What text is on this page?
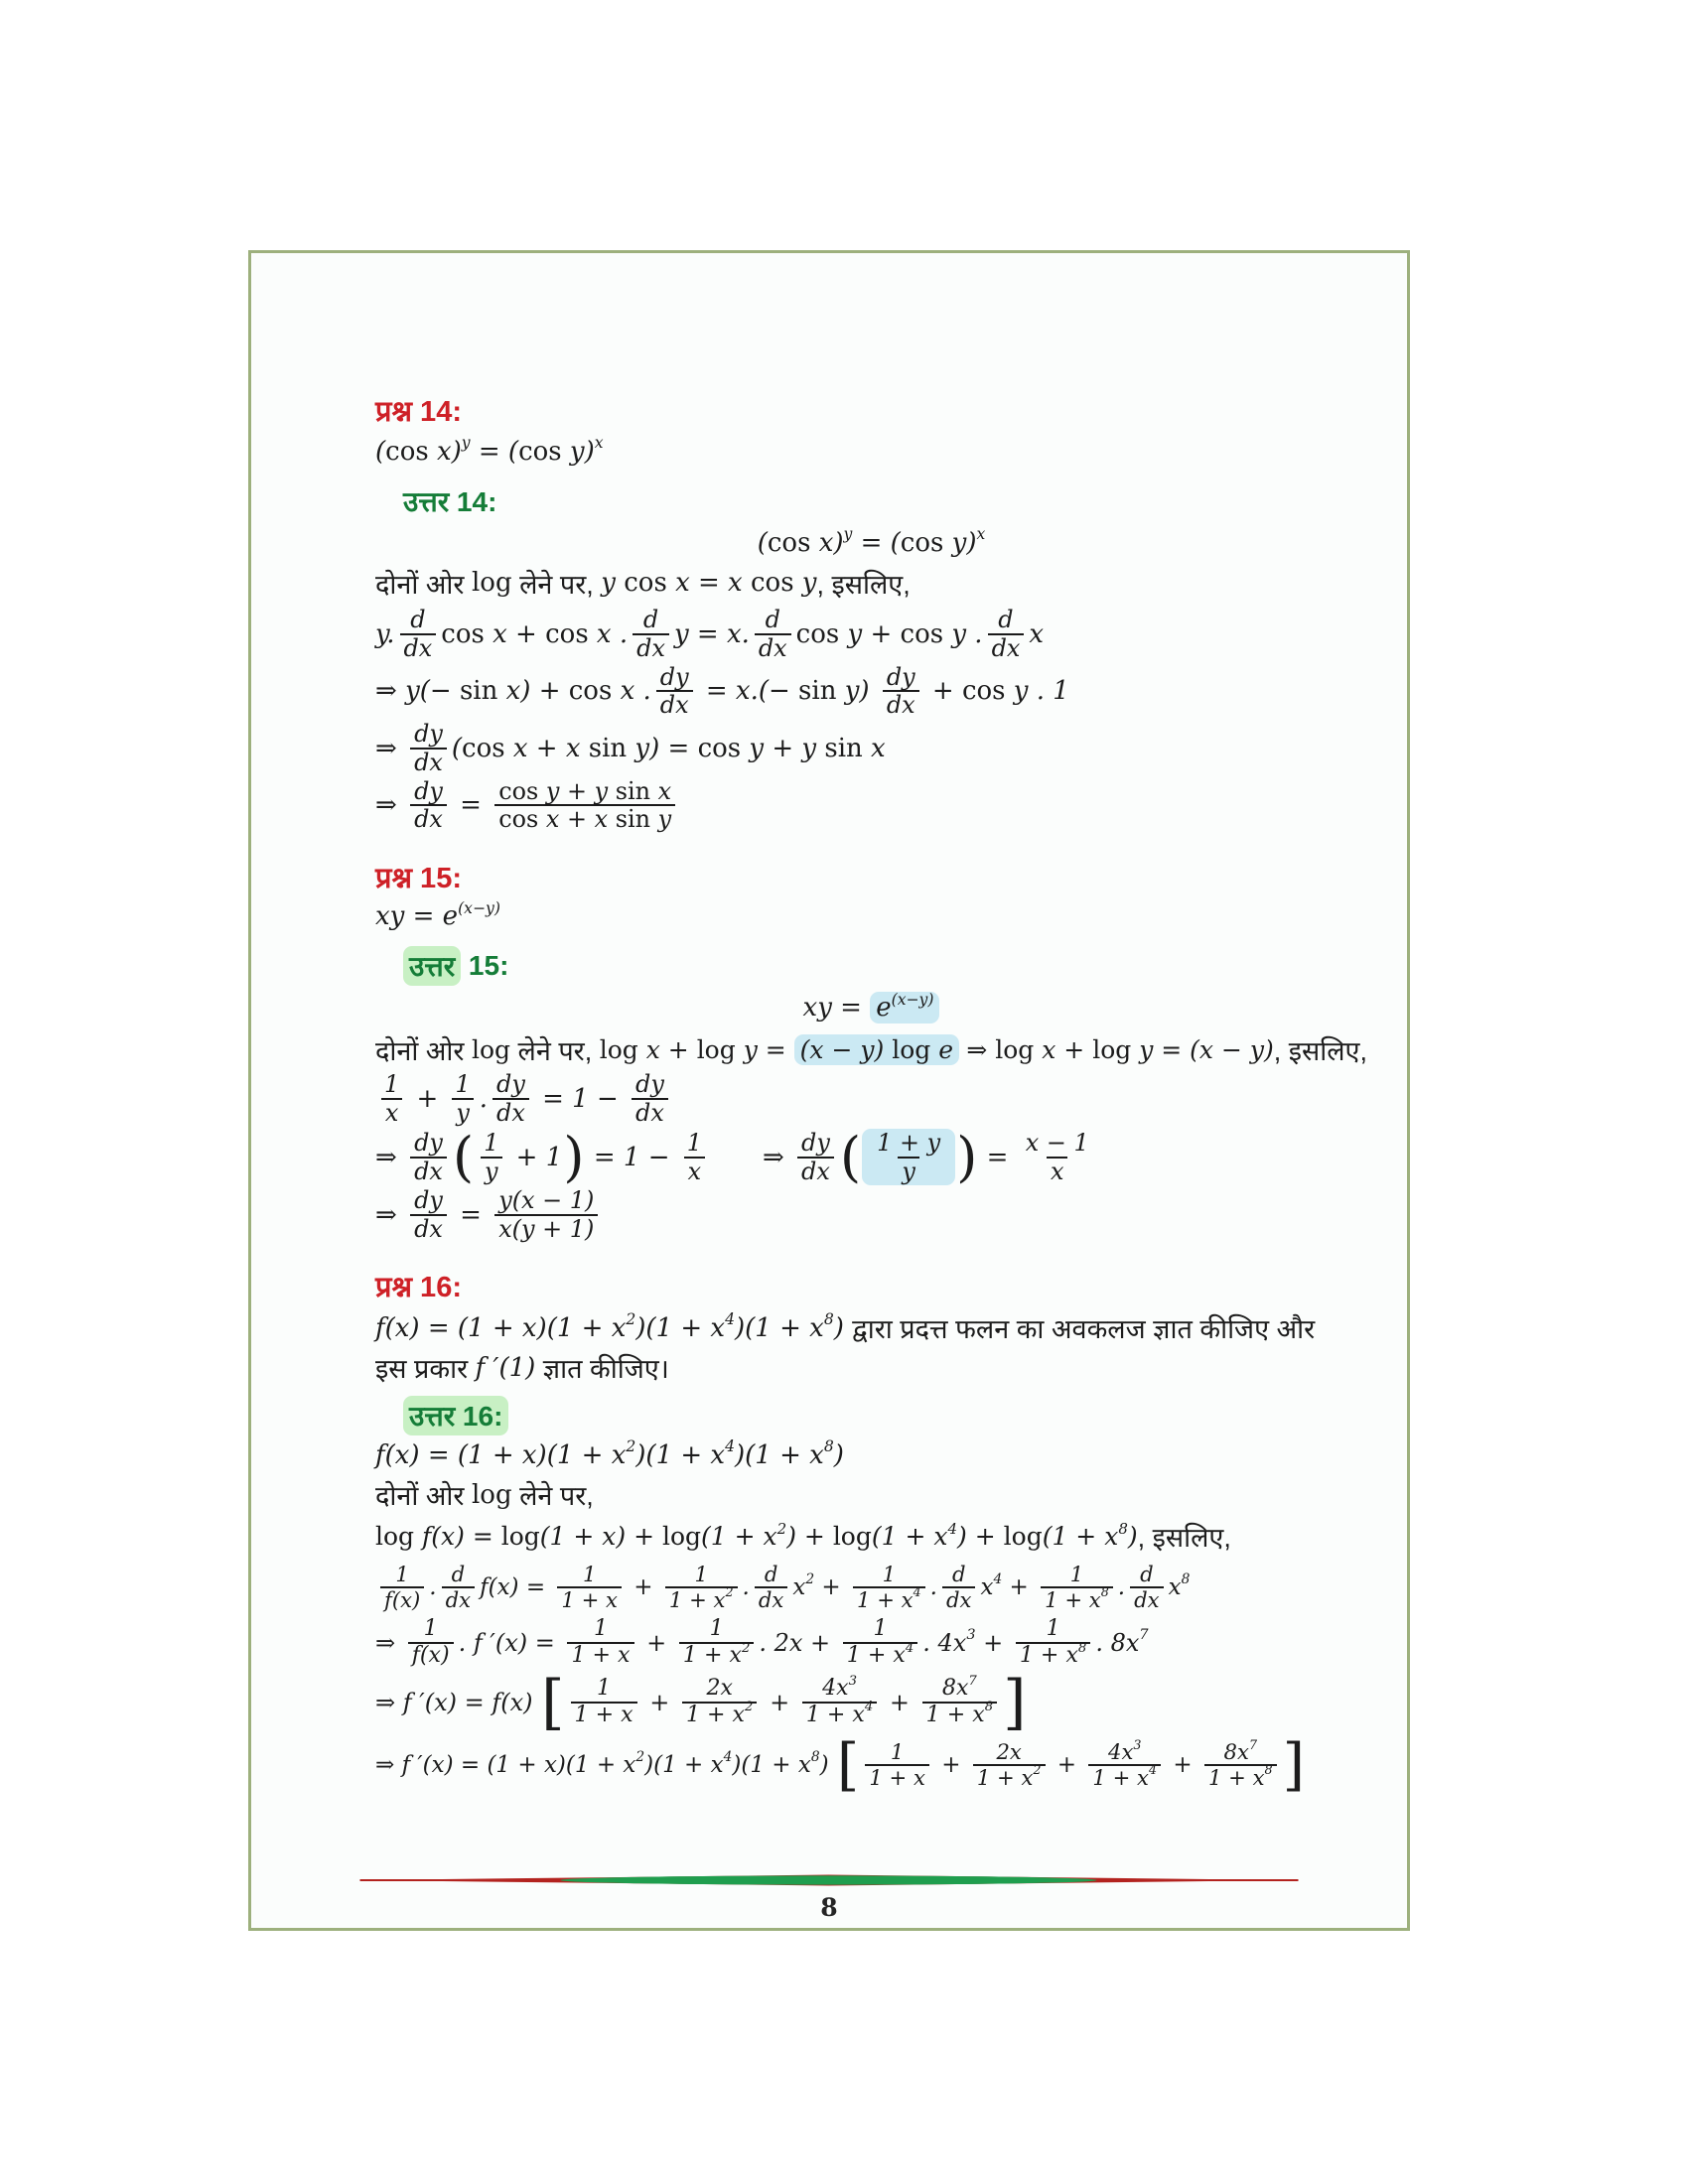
प्रश्न 14:
( cos x) y = ( cos y) x
उत्तर 14:
( cos x) y = ( cos y) x
दोनों ओर log लेने पर, y cos x = x cos y , इसलिए,
y. $\frac{d}{dx}$ cos x + cos x . $\frac{d}{dx}$ y = x. $\frac{d}{dx}$ cos y + cos y . $\frac{d}{dx}$ x
⇒ y(− sin x) + cos x . $\frac{dy}{dx} = x.(- \sin y) \frac{dy}{dx} + \cos y$ . 1
⇒ $\frac{dy}{dx}$ ( cos x + x sin y) = cos y + y sin x
⇒ $\frac{dy}{dx} = \frac{\text{cos y + y sin x}}{\text{cos x + x sin y}}$
प्रश्न 15:
xy = e (x−y)
उत्तर 15:
xy = e (x−y)
दोनों ओर log लेने पर, log x + log y = (x − y) log e ⇒ log x + log y = (x − y) , इसलिए,
$\frac{1}{x} + \frac{1}{y}$ . $\frac{dy}{dx} = 1 - \frac{dy}{dx}$
⇒ $\frac{dy}{dx}$ ( $\frac{1}{y} + 1$ ) = $1 - \frac{1}{x}$ ⇒ $\frac{dy}{dx}$ ( $\frac{1 + y}{y}$ ) = $\frac{x - 1}{x}$
⇒ $\frac{dy}{dx} = \frac{y(x - 1)}{x(y + 1)}$
प्रश्न 16:
f(x) = (1 + x)(1 + x 2 )(1 + x 4 )(1 + x 8 ) द्वारा प्रदत्त फलन का अवकलज ज्ञात कीजिए और
इस प्रकार f ′(1) ज्ञात कीजिए।
उत्तर 16:
f(x) = (1 + x)(1 + x 2 )(1 + x 4 )(1 + x 8 )
दोनों ओर log लेने पर,
log f(x) = log (1 + x) + log (1 + x 2 ) + log (1 + x 4 ) + log (1 + x 8 ) , इसलिए,
$\frac{1}{f(x)}$ . $\frac{d}{dx} f(x) = \frac{1}{1 + x} + \frac{1}{1 + x 2}$ . $\frac{d}{dx}$ x $2 + \frac{1}{1 + x 4}$ . $\frac{d}{dx}$ x $4 + \frac{1}{1 + x 8}$ . $\frac{d}{dx}$ x 8
⇒ $\frac{1}{f(x)}$ . f $'(x) = \frac{1}{1 + x} + \frac{1}{1 + x 2}$ . $2x + \frac{1}{1 + x 4}$ . 4x $3 + \frac{1}{1 + x 8}$ . 8x 7
⇒ f ′(x) = f(x) [ $\frac{1}{1 + x} + \frac{2x}{1 + x 2} + \frac{4x 3}{1 + x 4} + \frac{8x 7}{1 + x 8}$ ]
⇒ f ′(x) = (1 + x)(1 + x 2 )(1 + x 4 )(1 + x 8 ) [ $\frac{1}{1 + x} + \frac{2x}{1 + x 2} + \frac{4x 3}{1 + x 4} + \frac{8x 7}{1 + x 8}$ ]
8
